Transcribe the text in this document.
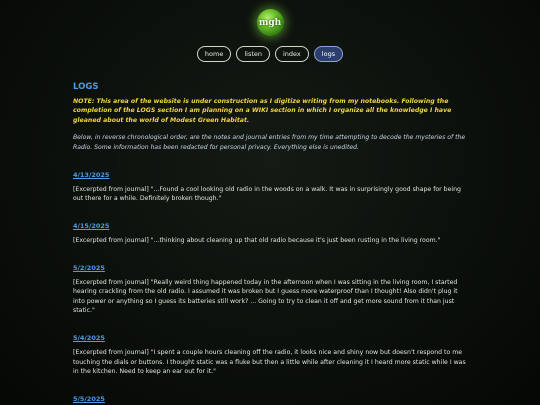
mgh
home	listen	index	logs
LOGS

NOTE: This area of the website is under construction as I digitize writing from my notebooks. Following the completion of the LOGS section I am planning on a WIKI section in which I organize all the knowledge I have gleaned about the world of Modest Green Habitat.

Below, in reverse chronological order, are the notes and journal entries from my time attempting to decode the mysteries of the Radio. Some information has been redacted for personal privacy. Everything else is unedited.

4/13/2025

[Excerpted from journal] "...Found a cool looking old radio in the woods on a walk. It was in surprisingly good shape for being out there for a while. Definitely broken though."

4/15/2025

[Excerpted from journal] "...thinking about cleaning up that old radio because it's just been rusting in the living room."

5/2/2025

[Excerpted from journal] "Really weird thing happened today in the afternoon when I was sitting in the living room, I started hearing crackling from the old radio. I assumed it was broken but I guess more waterproof than I thought! Also didn't plug it into power or anything so I guess its batteries still work? ... Going to try to clean it off and get more sound from it than just static."

5/4/2025

[Excerpted from journal] "I spent a couple hours cleaning off the radio, it looks nice and shiny now but doesn't respond to me touching the dials or buttons. I thought static was a fluke but then a little while after cleaning it I heard more static while I was in the kitchen. Need to keep an ear out for it."

5/5/2025
